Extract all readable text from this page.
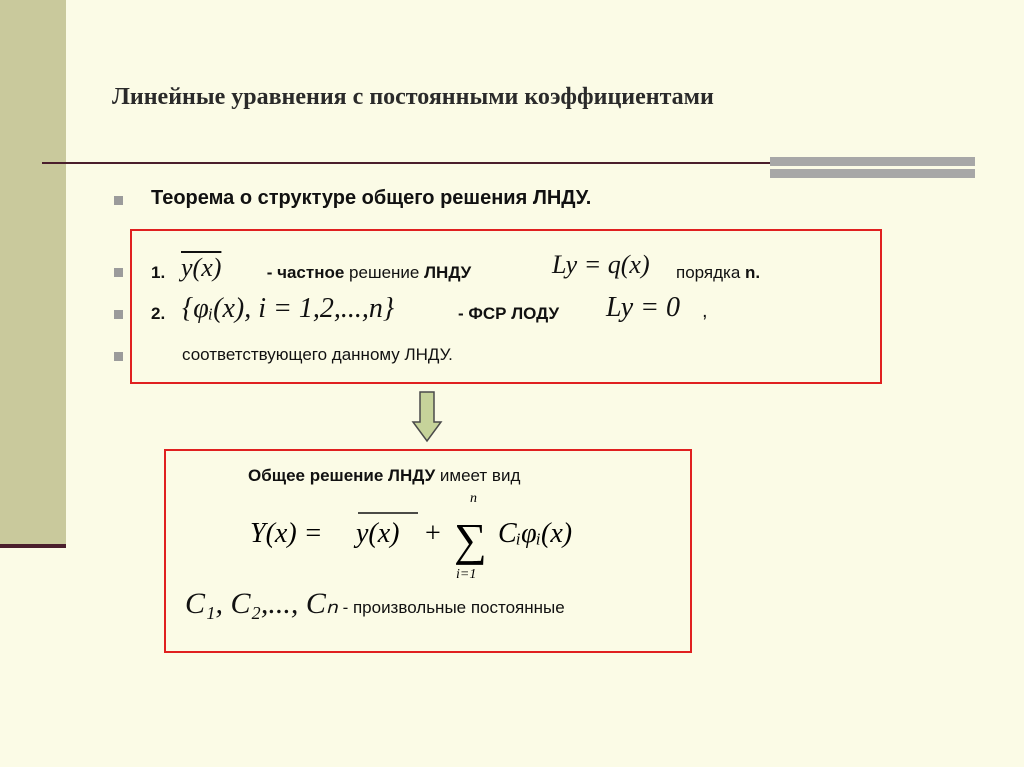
Линейные уравнения с постоянными коэффициентами
Теорема о структуре общего решения ЛНДУ.
1. y(x) - частное решение ЛНДУ	Ly = q(x) порядка n.
2. {φᵢ(x), i = 1,2,...,n}	- ФСР ЛОДУ Ly = 0 ,
соответствующего данному ЛНДУ.
Общее решение ЛНДУ имеет вид
Y(x) = y(x) +
n
∑
i=1
Cᵢφᵢ(x)
C₁, C₂,..., Cₙ - произвольные постоянные
